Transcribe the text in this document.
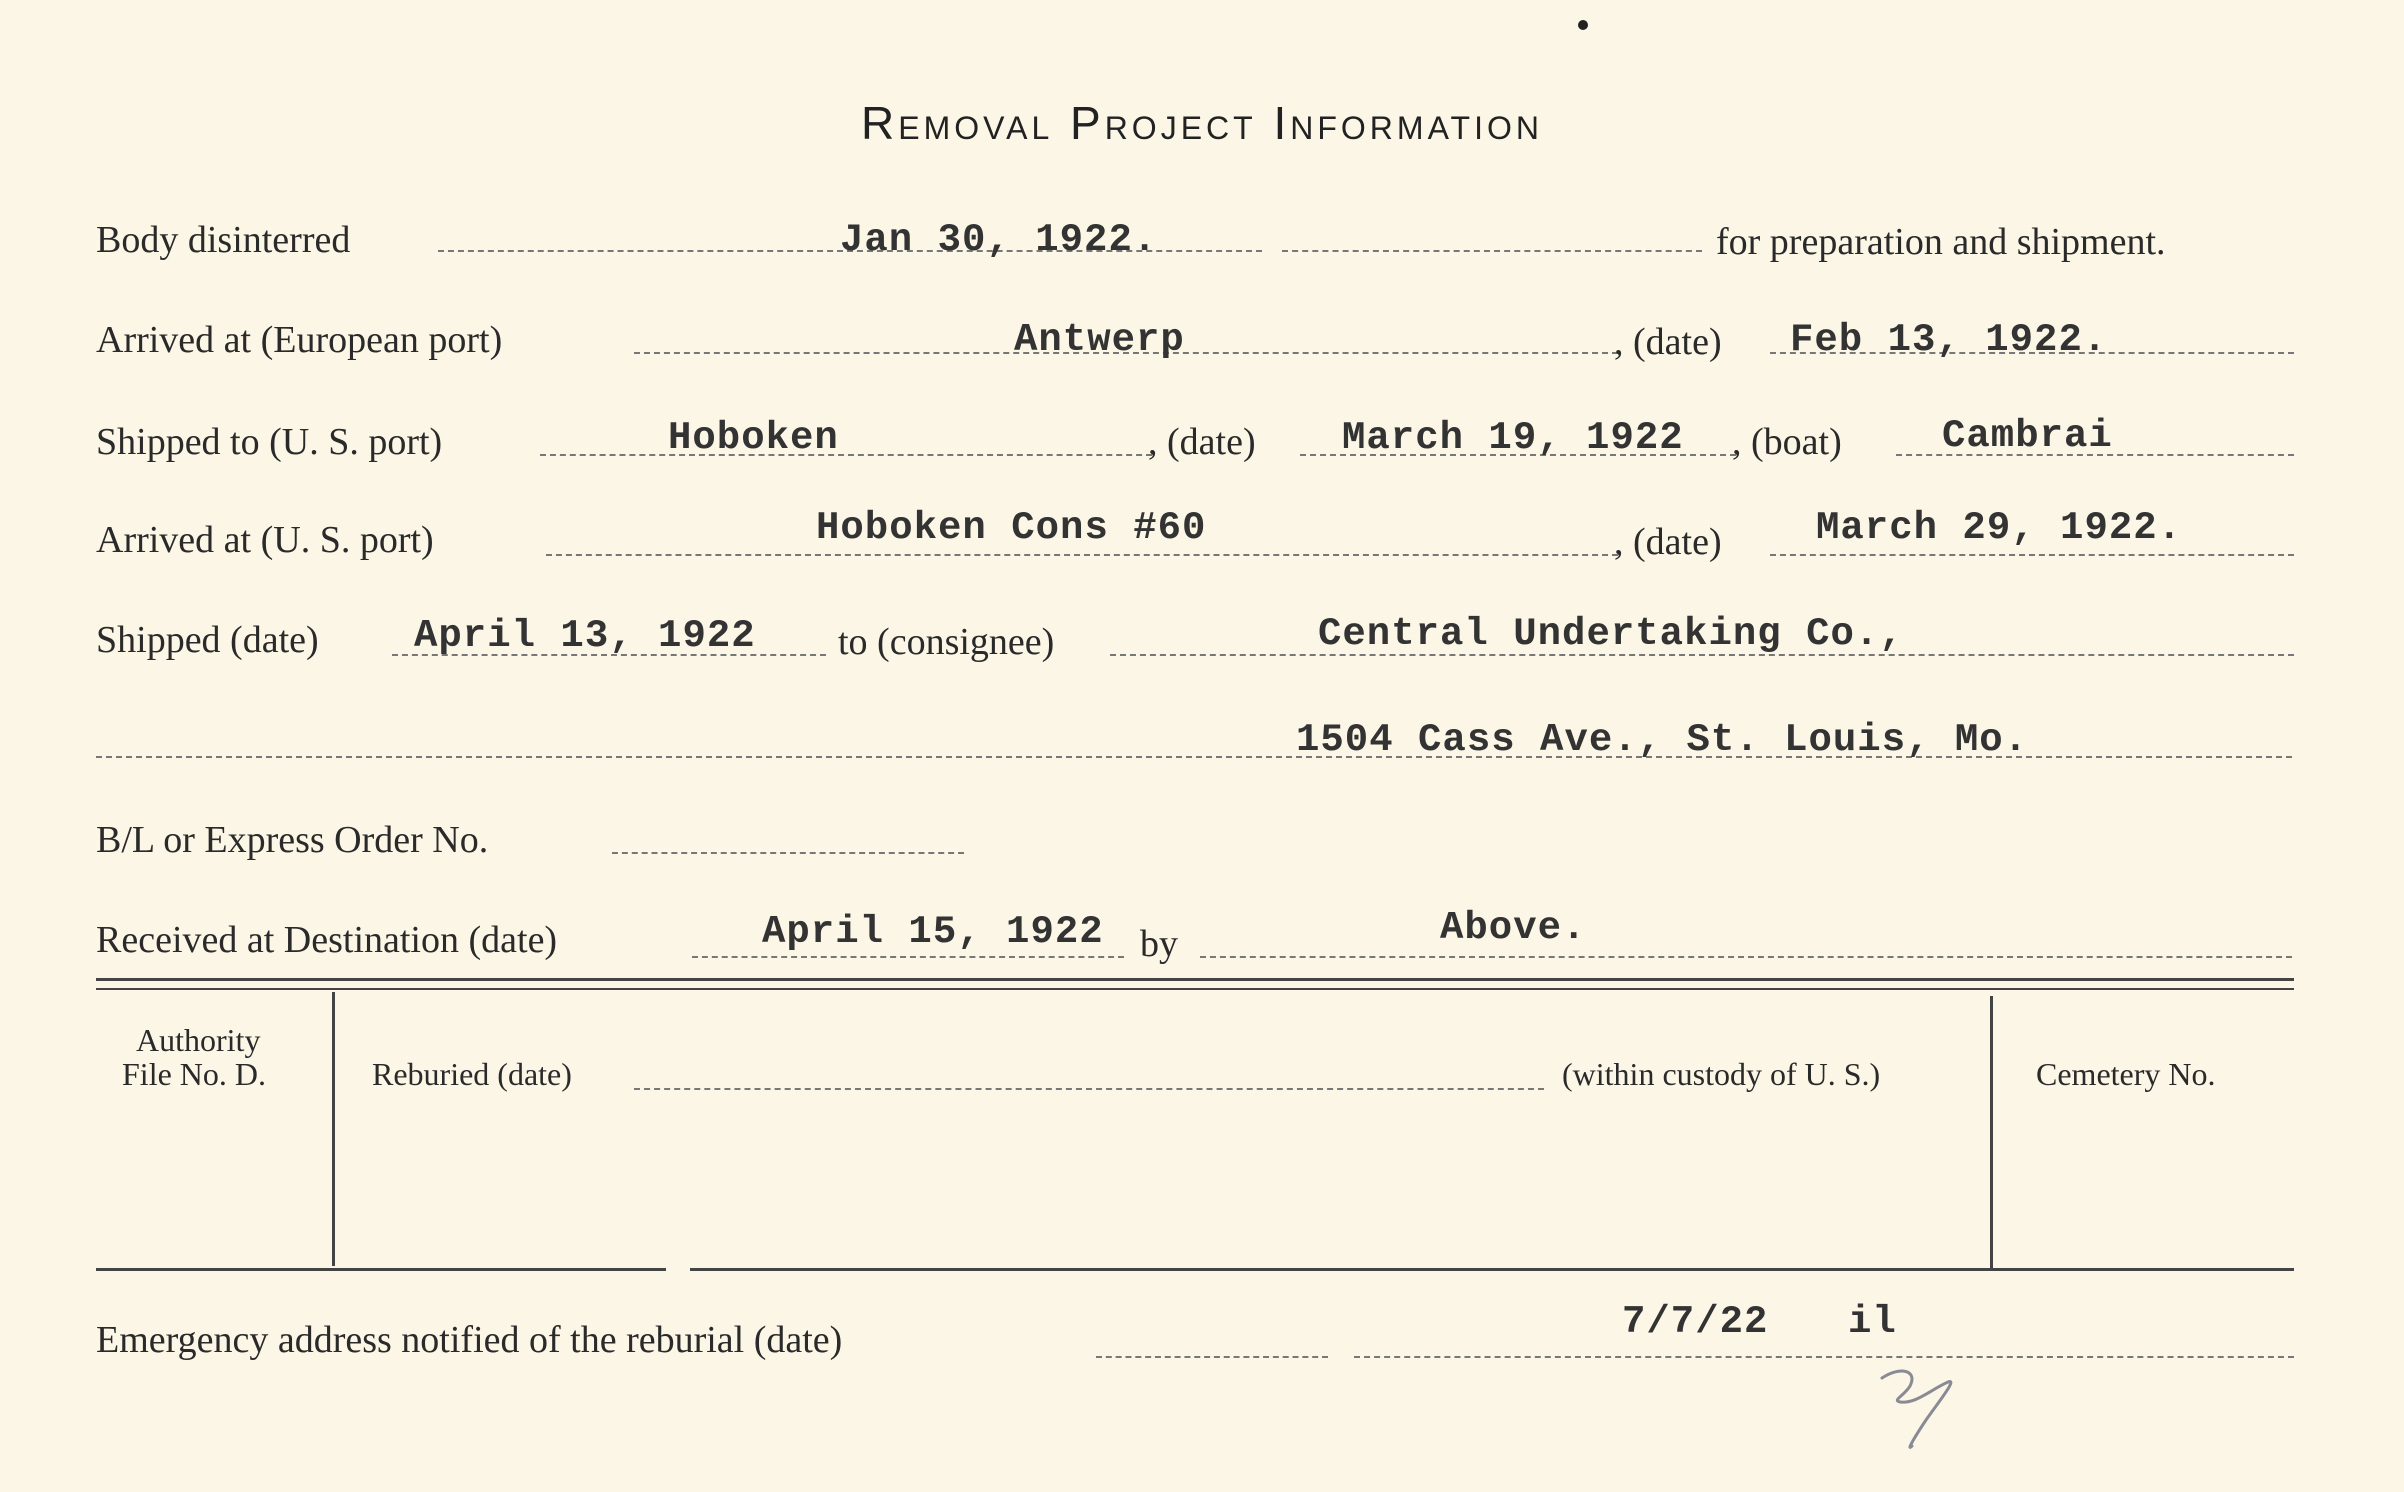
Removal Project Information
Body disinterred	Jan 30, 1922.	for preparation and shipment.
Arrived at (European port)	Antwerp	, (date) Feb 13, 1922.
Shipped to (U. S. port)	Hoboken	, (date) March 19, 1922 , (boat)	Cambrai
Arrived at (U. S. port)	Hoboken Cons #60	, (date) March 29, 1922.
Shipped (date) April 13, 1922 to (consignee)	Central Undertaking Co.,
1504 Cass Ave., St. Louis, Mo.
B/L or Express Order No.
Received at Destination (date)	April 15, 1922 by	Above.
Authority
File No. D.	Reburied (date)	(within custody of U. S.)	Cemetery No.
Emergency address notified of the reburial (date)	7/7/22 il
